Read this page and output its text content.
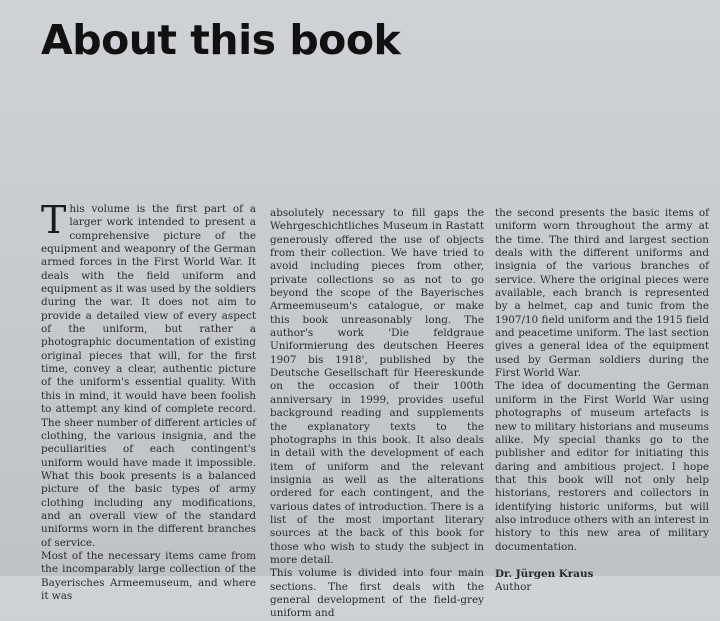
About this book

This volume is the first part of a larger work intended to present a comprehensive picture of the equipment and weaponry of the German armed forces in the First World War. It deals with the field uniform and equipment as it was used by the soldiers during the war. It does not aim to provide a detailed view of every aspect of the uniform, but rather a photographic documentation of existing original pieces that will, for the first time, convey a clear, authentic picture of the uniform's essential quality. With this in mind, it would have been foolish to attempt any kind of complete record. The sheer number of different articles of clothing, the various insignia, and the peculiarities of each contingent's uniform would have made it impossible. What this book presents is a balanced picture of the basic types of army clothing including any modifications, and an overall view of the standard uniforms worn in the different branches of service.

Most of the necessary items came from the incomparably large collection of the Bayerisches Armeemuseum, and where it was

absolutely necessary to fill gaps the Wehrgeschichtliches Museum in Rastatt generously offered the use of objects from their collection. We have tried to avoid including pieces from other, private collections so as not to go beyond the scope of the Bayerisches Armeemuseum's catalogue, or make this book unreasonably long. The author's work 'Die feldgraue Uniformierung des deutschen Heeres 1907 bis 1918', published by the Deutsche Gesellschaft für Heereskunde on the occasion of their 100th anniversary in 1999, provides useful background reading and supplements the explanatory texts to the photographs in this book. It also deals in detail with the development of each item of uniform and the relevant insignia as well as the alterations ordered for each contingent, and the various dates of introduction. There is a list of the most important literary sources at the back of this book for those who wish to study the subject in more detail.

This volume is divided into four main sections. The first deals with the general development of the field-grey uniform and

the second presents the basic items of uniform worn throughout the army at the time. The third and largest section deals with the different uniforms and insignia of the various branches of service. Where the original pieces were available, each branch is represented by a helmet, cap and tunic from the 1907/10 field uniform and the 1915 field and peacetime uniform. The last section gives a general idea of the equipment used by German soldiers during the First World War.

The idea of documenting the German uniform in the First World War using photographs of museum artefacts is new to military historians and museums alike. My special thanks go to the publisher and editor for initiating this daring and ambitious project. I hope that this book will not only help historians, restorers and collectors in identifying historic uniforms, but will also introduce others with an interest in history to this new area of military documentation.

Dr. Jürgen Kraus
Author
